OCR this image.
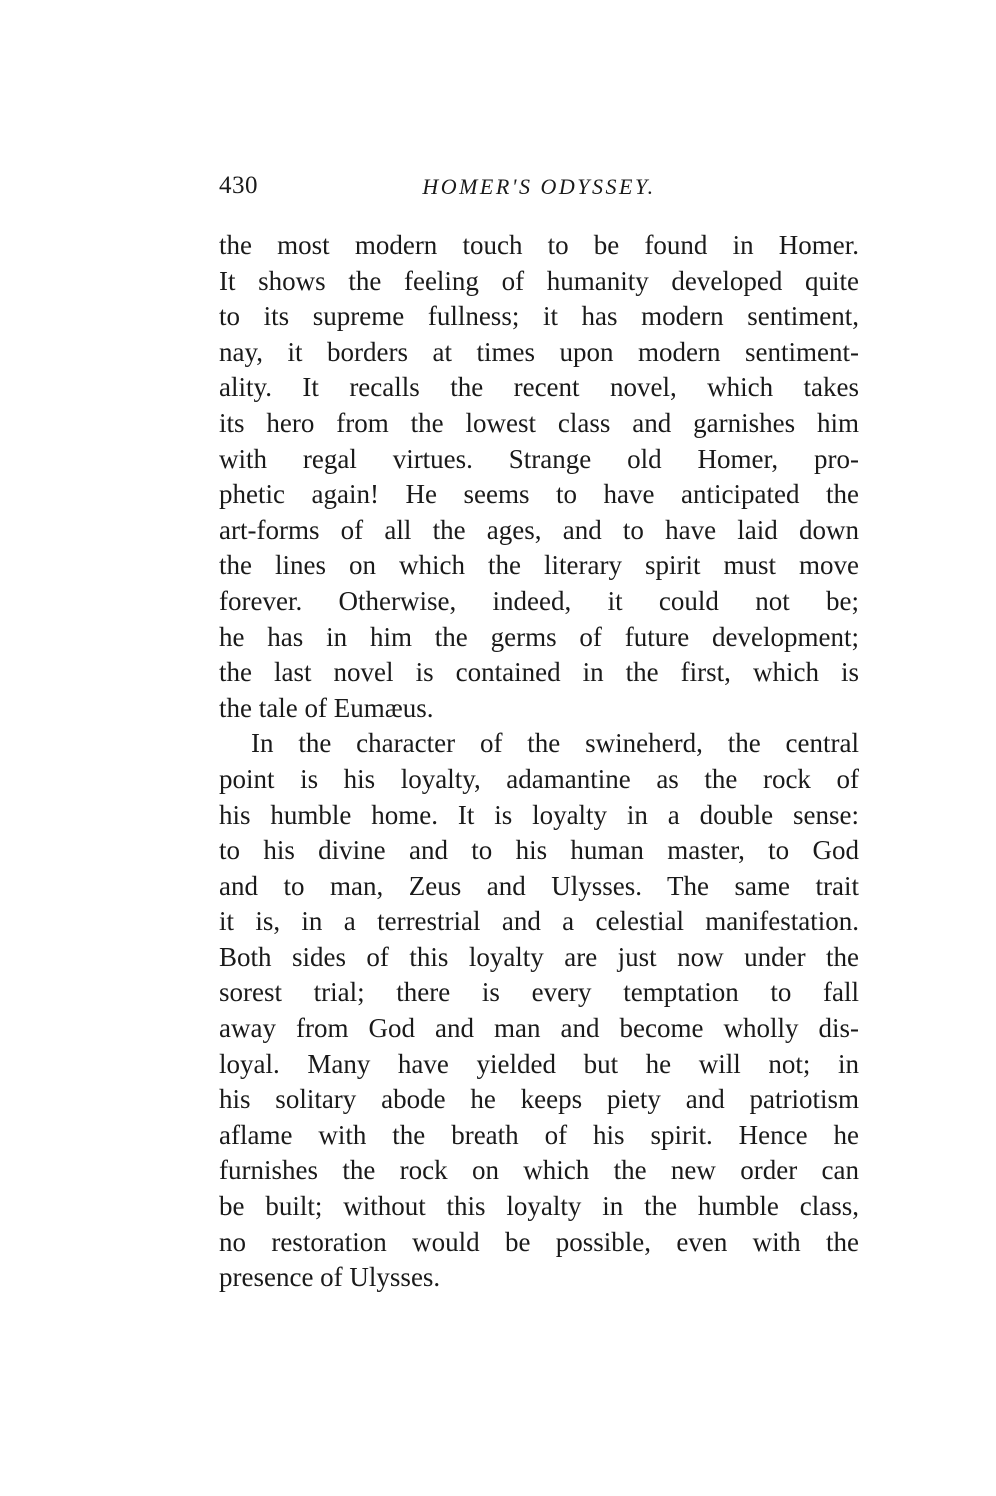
430	HOMER'S ODYSSEY.
the most modern touch to be found in Homer.
It shows the feeling of humanity developed quite
to its supreme fullness; it has modern sentiment,
nay, it borders at times upon modern sentiment-
ality. It recalls the recent novel, which takes
its hero from the lowest class and garnishes him
with regal virtues. Strange old Homer, pro-
phetic again! He seems to have anticipated the
art-forms of all the ages, and to have laid down
the lines on which the literary spirit must move
forever. Otherwise, indeed, it could not be;
he has in him the germs of future development;
the last novel is contained in the first, which is
the tale of Eumæus.
In the character of the swineherd, the central
point is his loyalty, adamantine as the rock of
his humble home. It is loyalty in a double sense:
to his divine and to his human master, to God
and to man, Zeus and Ulysses. The same trait
it is, in a terrestrial and a celestial manifestation.
Both sides of this loyalty are just now under the
sorest trial; there is every temptation to fall
away from God and man and become wholly dis-
loyal. Many have yielded but he will not; in
his solitary abode he keeps piety and patriotism
aflame with the breath of his spirit. Hence he
furnishes the rock on which the new order can
be built; without this loyalty in the humble class,
no restoration would be possible, even with the
presence of Ulysses.
